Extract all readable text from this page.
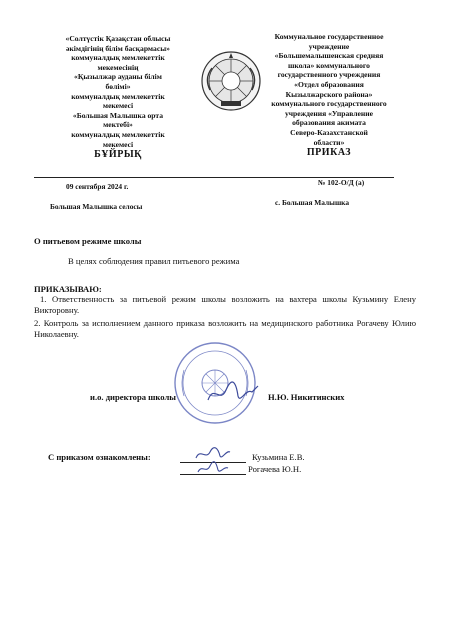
«Солтүстік Қазақстан облысы
әкімдігінің білім басқармасы»
коммуналдық мемлекеттік
мекемесінің
«Қызылжар ауданы білім
бөлімі»
коммуналдық мемлекеттік
мекемесі
«Большая Малышка орта
мектебі»
коммуналдық мемлекеттік
мекемесі
БҰЙРЫҚ
Коммунальное государственное
учреждение
«Большемалышенская средняя
школа» коммунального
государственного учреждения
«Отдел образования
Кызылжарского района»
коммунального государственного
учреждения «Управление
образования акимата
Северо-Казахстанской
области»
ПРИКАЗ
09 сентября 2024 г.	№ 102-О/Д (а)
Большая Малышка селосы	с. Большая Малышка
О питьевом режиме школы
В целях соблюдения правил питьевого режима
ПРИКАЗЫВАЮ:
1. Ответственность за питьевой режим школы возложить на вахтера школы Кузьмину Елену Викторовну.
2. Контроль за исполнением данного приказа возложить на медицинского работника Рогачеву Юлию Николаевну.
и.о. директора школы	Н.Ю. Никитинских
С приказом ознакомлены:	Кузьмина Е.В.
Рогачева Ю.Н.
